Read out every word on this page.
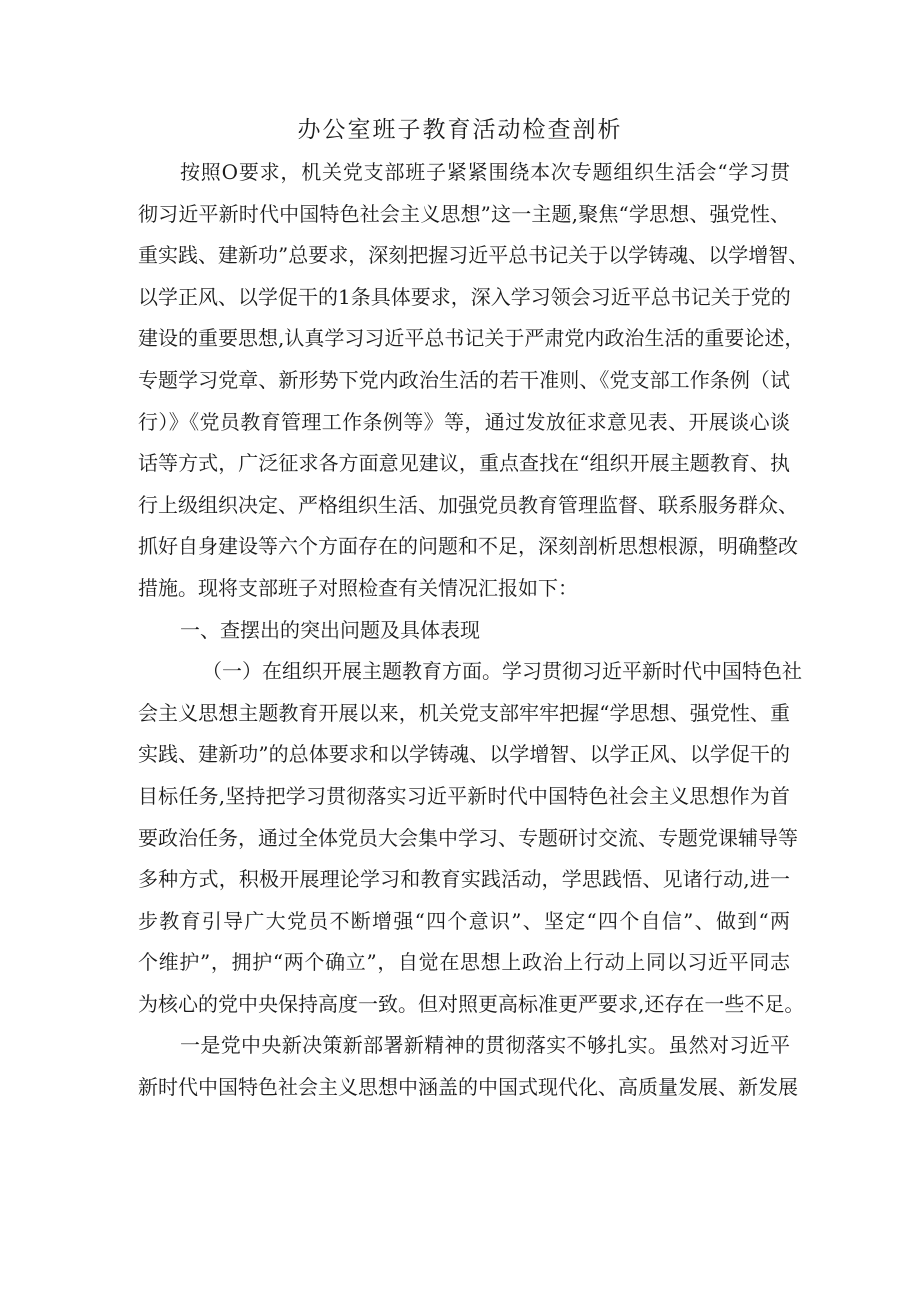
办公室班子教育活动检查剖析
按照O要求，机关党支部班子紧紧围绕本次专题组织生活会“学习贯
彻习近平新时代中国特色社会主义思想”这一主题,聚焦“学思想、强党性、
重实践、建新功”总要求，深刻把握习近平总书记关于以学铸魂、以学增智、
以学正风、以学促干的1条具体要求，深入学习领会习近平总书记关于党的
建设的重要思想,认真学习习近平总书记关于严肃党内政治生活的重要论述，
专题学习党章、新形势下党内政治生活的若干准则、《党支部工作条例（试
行）》《党员教育管理工作条例等》等，通过发放征求意见表、开展谈心谈
话等方式，广泛征求各方面意见建议，重点查找在“组织开展主题教育、执
行上级组织决定、严格组织生活、加强党员教育管理监督、联系服务群众、
抓好自身建设等六个方面存在的问题和不足，深刻剖析思想根源，明确整改
措施。现将支部班子对照检查有关情况汇报如下：
一、查摆出的突出问题及具体表现
（一）在组织开展主题教育方面。学习贯彻习近平新时代中国特色社
会主义思想主题教育开展以来，机关党支部牢牢把握“学思想、强党性、重
实践、建新功”的总体要求和以学铸魂、以学增智、以学正风、以学促干的
目标任务,坚持把学习贯彻落实习近平新时代中国特色社会主义思想作为首
要政治任务，通过全体党员大会集中学习、专题研讨交流、专题党课辅导等
多种方式，积极开展理论学习和教育实践活动，学思践悟、见诸行动,进一
步教育引导广大党员不断增强“四个意识”、坚定“四个自信”、做到“两
个维护”，拥护“两个确立”，自觉在思想上政治上行动上同以习近平同志
为核心的党中央保持高度一致。但对照更高标准更严要求,还存在一些不足。
一是党中央新决策新部署新精神的贯彻落实不够扎实。虽然对习近平
新时代中国特色社会主义思想中涵盖的中国式现代化、高质量发展、新发展
